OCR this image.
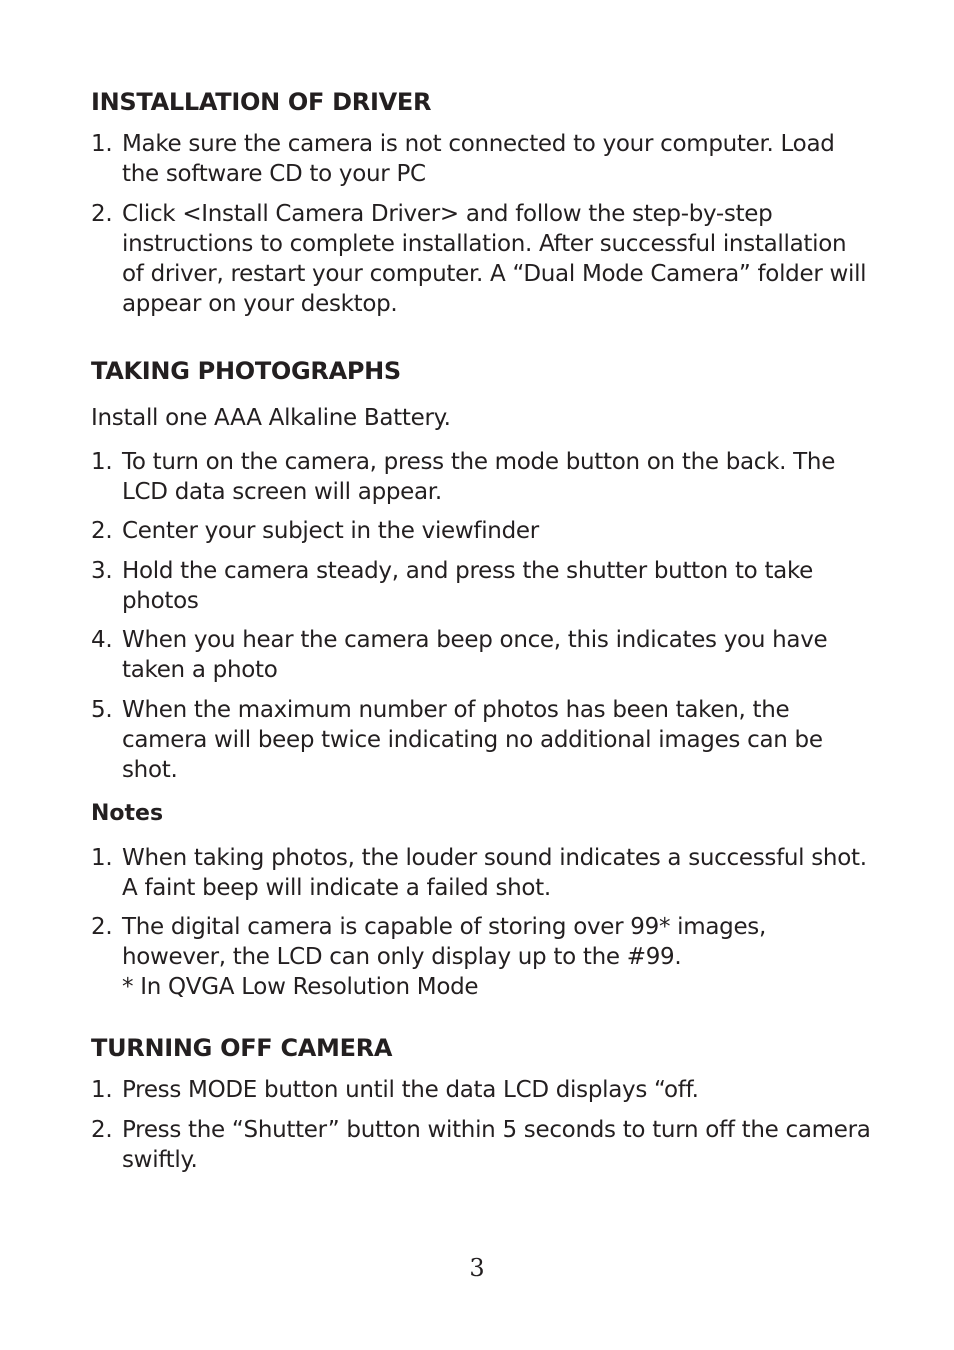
INSTALLATION OF DRIVER
1. Make sure the camera is not connected to your computer. Load the software CD to your PC
2. Click <Install Camera Driver> and follow the step-by-step instructions to complete installation. After successful installation of driver, restart your computer. A “Dual Mode Camera” folder will appear on your desktop.
TAKING PHOTOGRAPHS

Install one AAA Alkaline Battery.

1. To turn on the camera, press the mode button on the back. The LCD data screen will appear.
2. Center your subject in the viewfinder
3. Hold the camera steady, and press the shutter button to take photos
4. When you hear the camera beep once, this indicates you have taken a photo
5. When the maximum number of photos has been taken, the camera will beep twice indicating no additional images can be shot.

Notes

1. When taking photos, the louder sound indicates a successful shot. A faint beep will indicate a failed shot.
2. The digital camera is capable of storing over 99* images, however, the LCD can only display up to the #99.
* In QVGA Low Resolution Mode
TURNING OFF CAMERA
1. Press MODE button until the data LCD displays “off.
2. Press the “Shutter” button within 5 seconds to turn off the camera swiftly.
3
